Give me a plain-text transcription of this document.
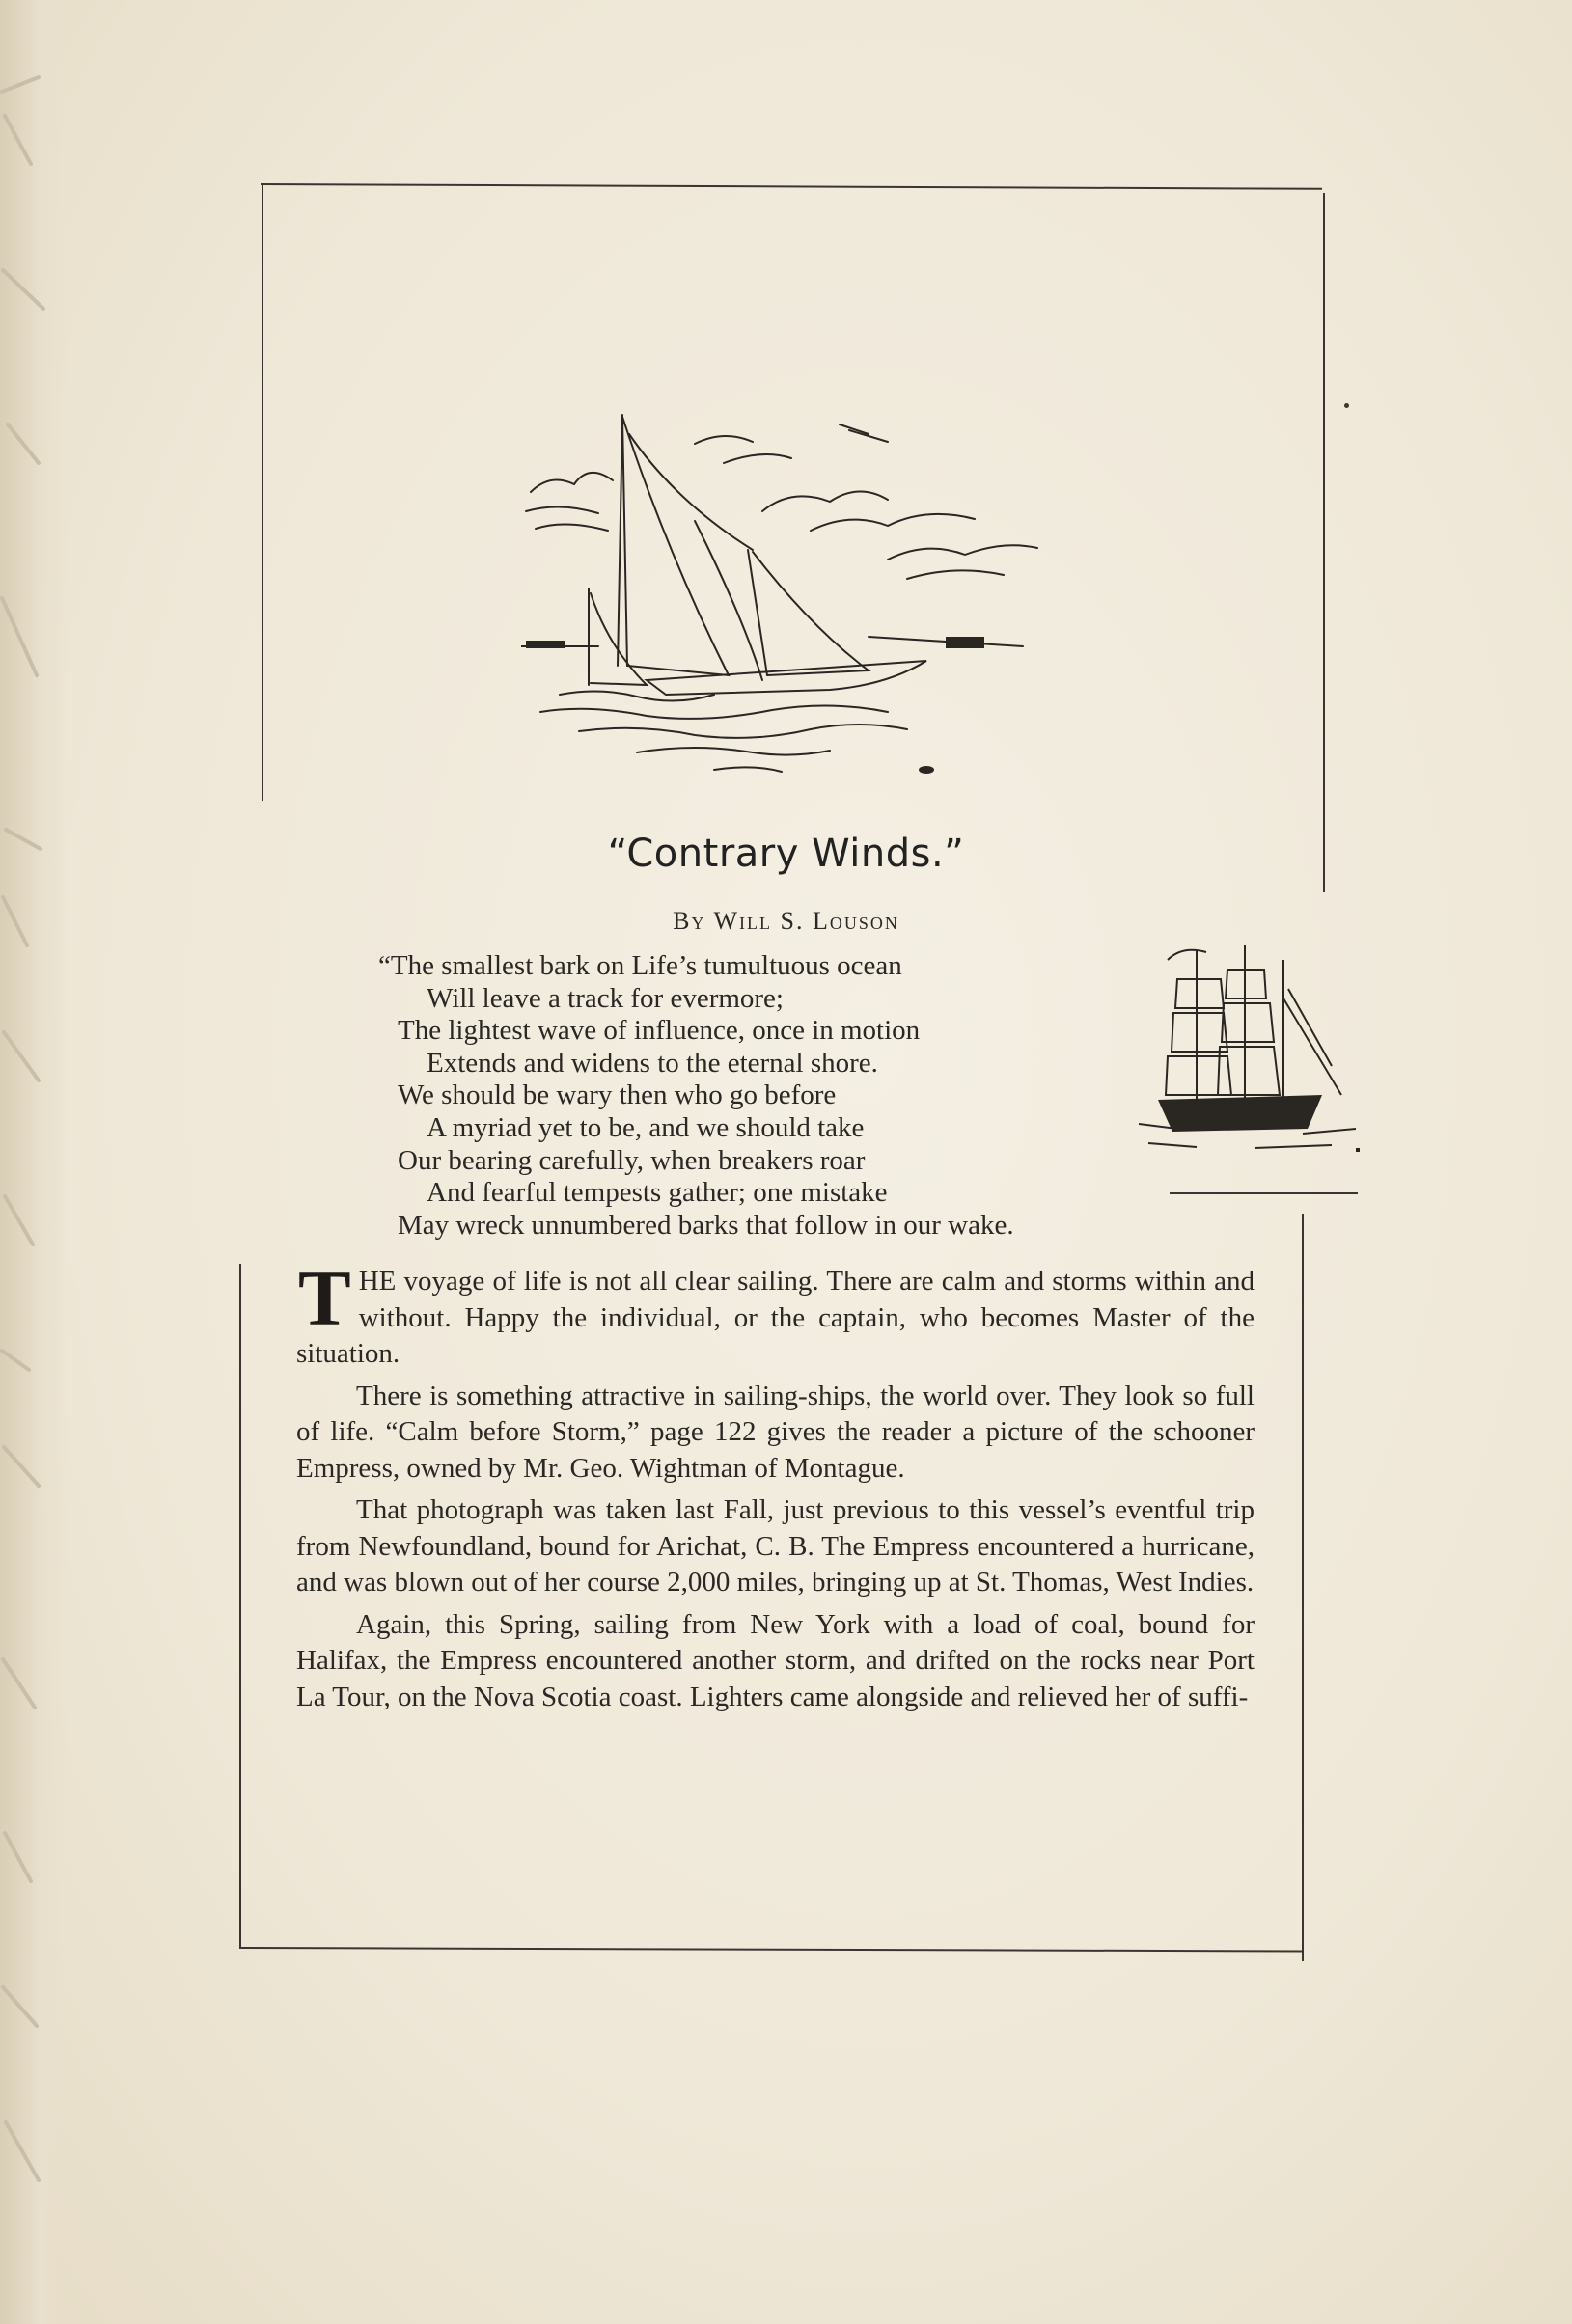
“Contrary Winds.”
By Will S. Louson
“The smallest bark on Life’s tumultuous ocean
Will leave a track for evermore;
The lightest wave of influence, once in motion
Extends and widens to the eternal shore.
We should be wary then who go before
A myriad yet to be, and we should take
Our bearing carefully, when breakers roar
And fearful tempests gather; one mistake
May wreck unnumbered barks that follow in our wake.

THE voyage of life is not all clear sailing. There are calm and storms within and without. Happy the individual, or the captain, who becomes Master of the situation.

There is something attractive in sailing-ships, the world over. They look so full of life. “Calm before Storm,” page 122 gives the reader a picture of the schooner Empress, owned by Mr. Geo. Wightman of Montague.

That photograph was taken last Fall, just previous to this vessel’s eventful trip from Newfoundland, bound for Arichat, C. B. The Empress encountered a hurricane, and was blown out of her course 2,000 miles, bringing up at St. Thomas, West Indies.

Again, this Spring, sailing from New York with a load of coal, bound for Halifax, the Empress encountered another storm, and drifted on the rocks near Port La Tour, on the Nova Scotia coast. Lighters came alongside and relieved her of suffi-
